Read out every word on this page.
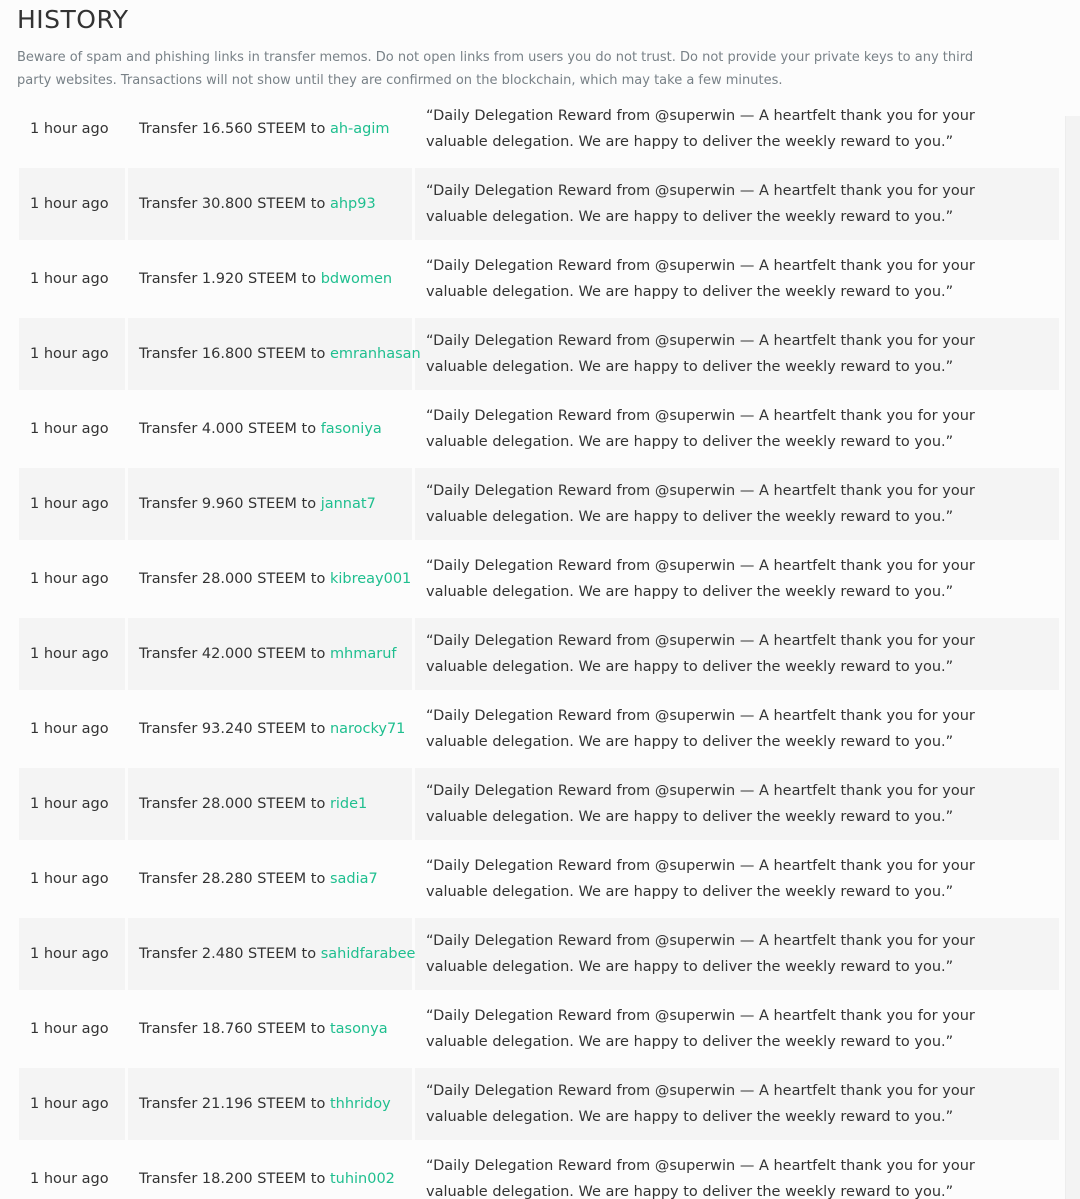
HISTORY

Beware of spam and phishing links in transfer memos. Do not open links from users you do not trust. Do not provide your private keys to any third party websites. Transactions will not show until they are confirmed on the blockchain, which may take a few minutes.

1 hour ago	Transfer 16.560 STEEM to ah-agim	“Daily Delegation Reward from @superwin — A heartfelt thank you for your valuable delegation. We are happy to deliver the weekly reward to you.”

1 hour ago	Transfer 30.800 STEEM to ahp93	“Daily Delegation Reward from @superwin — A heartfelt thank you for your valuable delegation. We are happy to deliver the weekly reward to you.”

1 hour ago	Transfer 1.920 STEEM to bdwomen	“Daily Delegation Reward from @superwin — A heartfelt thank you for your valuable delegation. We are happy to deliver the weekly reward to you.”

1 hour ago	Transfer 16.800 STEEM to emranhasan	“Daily Delegation Reward from @superwin — A heartfelt thank you for your valuable delegation. We are happy to deliver the weekly reward to you.”

1 hour ago	Transfer 4.000 STEEM to fasoniya	“Daily Delegation Reward from @superwin — A heartfelt thank you for your valuable delegation. We are happy to deliver the weekly reward to you.”

1 hour ago	Transfer 9.960 STEEM to jannat7	“Daily Delegation Reward from @superwin — A heartfelt thank you for your valuable delegation. We are happy to deliver the weekly reward to you.”

1 hour ago	Transfer 28.000 STEEM to kibreay001	“Daily Delegation Reward from @superwin — A heartfelt thank you for your valuable delegation. We are happy to deliver the weekly reward to you.”

1 hour ago	Transfer 42.000 STEEM to mhmaruf	“Daily Delegation Reward from @superwin — A heartfelt thank you for your valuable delegation. We are happy to deliver the weekly reward to you.”

1 hour ago	Transfer 93.240 STEEM to narocky71	“Daily Delegation Reward from @superwin — A heartfelt thank you for your valuable delegation. We are happy to deliver the weekly reward to you.”

1 hour ago	Transfer 28.000 STEEM to ride1	“Daily Delegation Reward from @superwin — A heartfelt thank you for your valuable delegation. We are happy to deliver the weekly reward to you.”

1 hour ago	Transfer 28.280 STEEM to sadia7	“Daily Delegation Reward from @superwin — A heartfelt thank you for your valuable delegation. We are happy to deliver the weekly reward to you.”

1 hour ago	Transfer 2.480 STEEM to sahidfarabee	“Daily Delegation Reward from @superwin — A heartfelt thank you for your valuable delegation. We are happy to deliver the weekly reward to you.”

1 hour ago	Transfer 18.760 STEEM to tasonya	“Daily Delegation Reward from @superwin — A heartfelt thank you for your valuable delegation. We are happy to deliver the weekly reward to you.”

1 hour ago	Transfer 21.196 STEEM to thhridoy	“Daily Delegation Reward from @superwin — A heartfelt thank you for your valuable delegation. We are happy to deliver the weekly reward to you.”

1 hour ago	Transfer 18.200 STEEM to tuhin002	“Daily Delegation Reward from @superwin — A heartfelt thank you for your valuable delegation. We are happy to deliver the weekly reward to you.”
